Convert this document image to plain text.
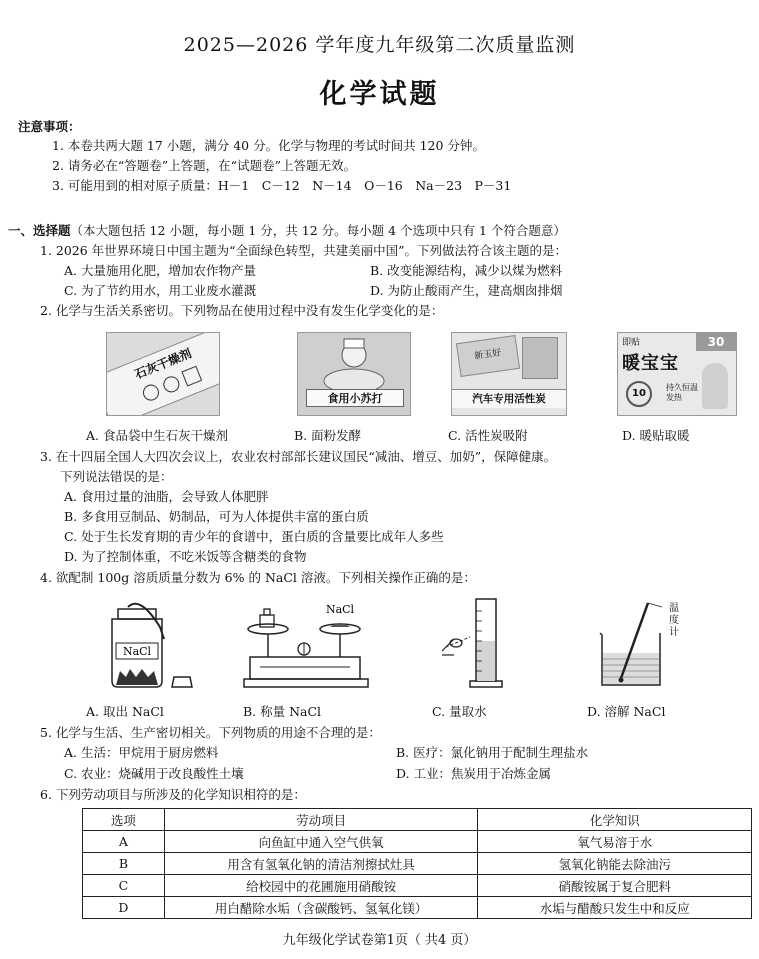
2025—2026 学年度九年级第二次质量监测
化学试题
注意事项：
1. 本卷共两大题 17 小题，满分 40 分。化学与物理的考试时间共 120 分钟。
2. 请务必在“答题卷”上答题，在“试题卷”上答题无效。
3. 可能用到的相对原子质量：H－1　C－12　N－14　O－16　Na－23　P－31
一、选择题（本大题包括 12 小题，每小题 1 分，共 12 分。每小题 4 个选项中只有 1 个符合题意）
1. 2026 年世界环境日中国主题为“全面绿色转型，共建美丽中国”。下列做法符合该主题的是：
A. 大量施用化肥，增加农作物产量	B. 改变能源结构，减少以煤为燃料
C. 为了节约用水，用工业废水灌溉	D. 为防止酸雨产生，建高烟囱排烟
2. 化学与生活关系密切。下列物品在使用过程中没有发生化学变化的是：
石灰干燥剂
食用小苏打
新玉好
汽车专用活性炭
即贴	30
暖宝宝
10
持久恒温发热
A. 食品袋中生石灰干燥剂	B. 面粉发酵	C. 活性炭吸附	D. 暖贴取暖
3. 在十四届全国人大四次会议上，农业农村部部长建议国民“减油、增豆、加奶”，保障健康。
下列说法错误的是：
A. 食用过量的油脂，会导致人体肥胖
B. 多食用豆制品、奶制品，可为人体提供丰富的蛋白质
C. 处于生长发育期的青少年的食谱中，蛋白质的含量要比成年人多些
D. 为了控制体重，不吃米饭等含糖类的食物
4. 欲配制 100g 溶质质量分数为 6% 的 NaCl 溶液。下列相关操作正确的是：
NaCl
NaCl	温
度
计
A. 取出 NaCl	B. 称量 NaCl	C. 量取水	D. 溶解 NaCl
5. 化学与生活、生产密切相关。下列物质的用途不合理的是：
A. 生活：甲烷用于厨房燃料	B. 医疗：氯化钠用于配制生理盐水
C. 农业：烧碱用于改良酸性土壤	D. 工业：焦炭用于冶炼金属
6. 下列劳动项目与所涉及的化学知识相符的是：
选项	劳动项目	化学知识
A	向鱼缸中通入空气供氧	氧气易溶于水
B	用含有氢氧化钠的清洁剂擦拭灶具	氢氧化钠能去除油污
C	给校园中的花圃施用硝酸铵	硝酸铵属于复合肥料
D	用白醋除水垢（含碳酸钙、氢氧化镁）	水垢与醋酸只发生中和反应
九年级化学试卷第1页（ 共4 页）
